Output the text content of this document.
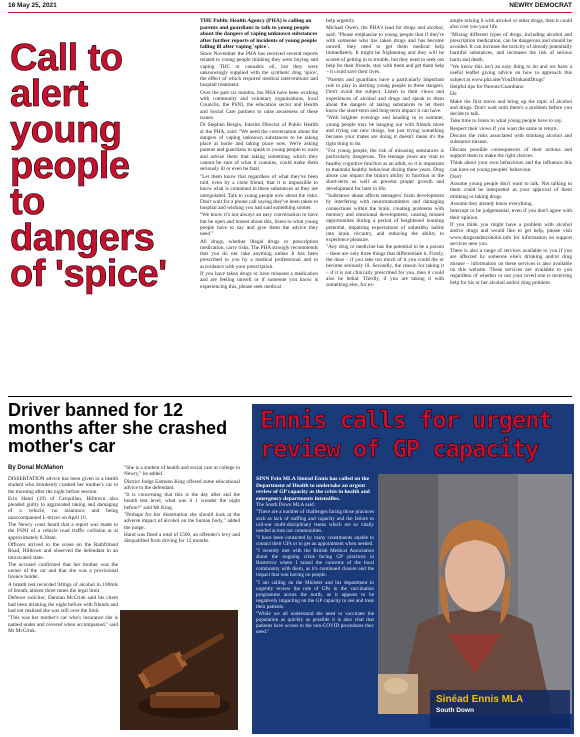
16 May 25, 2021	NEWRY DEMOCRAT
Call to
alert
young
people
to
dangers
of 'spice'

THE Public Health Agency (PHA) is calling on parents and guardians to talk to young people about the dangers of vaping unknown substances after further reports of incidents of young people falling ill after vaping 'spice'.

Since November the PHA has received several reports related to young people thinking they were buying and vaping THC or cannabis oil, but they were unknowingly supplied with the synthetic drug 'spice', the effect of which required medical interventions and hospital treatment.

Over the past six months, the PHA have been working with community and voluntary organisations, local Councils, the PSNI, the education sector and Health and Social Care partners to raise awareness of these issues.

Dr Stephen Bergin, Interim Director of Public Health at the PHA, said: "We need the conversation about the dangers of vaping unknown substances to be taking place at home and taking place now. We're asking parents and guardians to speak to young people to warn and advise them that taking something which they cannot be sure of what it contains, could make them seriously ill or even be fatal.

"Let them know that regardless of what they've been told, even by a close friend, that it is impossible to know what is contained in these substances as they are unregulated. Talk to young people now about the risks. Don't wait for a phone call saying they've been taken to hospital and wishing you had said something sooner.

"We know it's not always an easy conversation to have but be open and honest about this, listen to what young people have to say and give them the advice they need."

All drugs, whether illegal drugs or prescription medication, carry risks. The PHA strongly recommends that you do not take anything unless it has been prescribed to you by a medical professional and in accordance with your prescription.

If you have taken drugs or have misused a medication and are feeling unwell or if someone you know is experiencing this, please seek medical

help urgently.

Michael Owen, the PHA's lead for drugs and alcohol, said: "Please emphasise to young people that if they're with someone who has taken drugs and has become unwell, they need to get them medical help immediately. It might be frightening and they will be scared of getting in to trouble, but they need to seek out help for their friends, stay with them and get them help – it could save their lives.

"Parents and guardians have a particularly important role to play in alerting young people to these dangers. Don't avoid the subject. Listen to their views and experiences of alcohol and drugs and speak to them about the dangers of taking substances to let them know the short-term and long-term impact it can have.

"With brighter evenings and heading in to summer, young people may be hanging out with friends more and trying out new things, but just trying something because your mates are doing it doesn't mean it's the right thing to do.

"For young people, the risk of misusing substances is particularly dangerous. The teenage years are vital to healthy cognitive function as an adult, so it is important to maintain healthy behaviour during these years. Drug abuse can impact the brain's ability to function in the short-term as well as prevent proper growth and development for later in life.

"Substance abuse affects teenagers' brain development by interfering with neurotransmitters and damaging connections within the brain, creating problems with memory and emotional development, causing missed opportunities during a period of heightened learning potential, impairing expectations of unhealthy habits into brain circuitry, and reducing the ability to experience pleasure.

"Any drug or medicine has the potential to be a poison – there are only three things that differentiate it. Firstly, the dose – if you take too much of it you could die or become seriously ill. Secondly, the reason for taking it – if it is not clinically prescribed for you, then it could also be lethal. Thirdly, if you are taking it with something else, for ex-

ample mixing it with alcohol or other drugs, then it could also cost you your life.

"Mixing different types of drugs, including alcohol and prescription medication, can be dangerous and should be avoided. It can increase the toxicity of already potentially harmful substances, and increases the risk of serious harm and death.

"We know this isn't an easy thing to do and we have a useful leaflet giving advice on how to approach this subject at www.pha.site/YouDrinkandDrugs"

Helpful tips for Parents/Guardians:

Do

Make the first move and bring up the topic of alcohol and drugs. Don't wait until there's a problem before you decide to talk.

Take time to listen to what young people have to say.

Respect their views if you want the same in return.

Discuss the risks associated with drinking alcohol and substance misuse.

Discuss possible consequences of their actions and support them to make the right choices.

Think about your own behaviours and the influence this can have on young peoples' behaviour.

Don't

Assume young people don't want to talk. Not talking to them could be interpreted as your approval of them drinking or taking drugs.

Assume they already know everything.

Interrupt or be judgemental, even if you don't agree with their opinion.

If you think you might have a problem with alcohol and/or drugs and would like to get help, please visit www.drugsandalcoholni.info for information on support services near you.

There is also a range of services available to you if you are affected by someone else's drinking and/or drug misuse – information on these services is also available on this website. These services are available to you regardless of whether or not your loved one is receiving help for his or her alcohol and/or drug problem.

Driver banned for 12 months after she crashed mother's car
By Donal McMahon

DISSERTATION advice has been given to a health student who drunkenly crashed her mother's car in the morning after the night before session.

Erin Hand (19) of Carquillan, Hilltown also pleaded guilty to aggravated taking and damaging of a vehicle, no insurance and being unaccompanied L-driver on April 10.

The Newry court heard that a report was made to the PSNI of a vehicle road traffic collision at at approximately 8.30am.

Officers arrived to the scene on the Rathfriland Road, Hilltown and observed the defendant in an intoxicated state.

The accused confirmed that her mother was the owner of the car and that she was a provisional licence holder.

A breath test recorded 94mgs of alcohol in 100mls of breath, almost three times the legal limit.

Defence solicitor, Damian McCrink said his client had been drinking the night before with friends and had not realised she was still over the limit.

"This was her mother's car who's insurance she is named under and covered when accompanied," said Mr McCrink.

"She is a student of health and social care at college in Newry," he added.

District Judge Eamonn King offered some educational advice to the defendant.

"It is concerning that this is the day after and the breath test level, what was it 1 wonder the night before?" said Mr King.

"Perhaps for her dissertation she should look at the adverse impact of alcohol on the human body," added the judge.

Hand was fined a total of £500, an offender's levy and disqualified from driving for 12 months.

Ennis calls for urgent review of GP capacity

SINN Fein MLA Sinéad Ennis has called on the Department of Health to undertake an urgent review of GP capacity as the crisis in health and emergency departments intensifies.

The South Down MLA said:

"There are a number of challenges facing those practices such as lack of staffing and capacity and the failure to roll-out multi-disciplinary teams which are so vitally needed across our communities.

"I have been contacted by many constituents unable to contact their GPs or to get an appointment when needed.

"I recently met with the British Medical Association about the ongoing crisis facing GP practices in Rostrevor where I raised the concerns of the local community with them, as it's continued closure and the impact that was having on people.

"I am calling on the Minister and his department to urgently review the role of GPs in the vaccination programme across the north, as it appears to be negatively impacting on the GP capacity to see and treat their patients.

"While we all understand the need to vaccinate the population as quickly as possible it is also vital that patients have access to the non-COVID procedures they need."

Sinéad Ennis MLA
South Down
